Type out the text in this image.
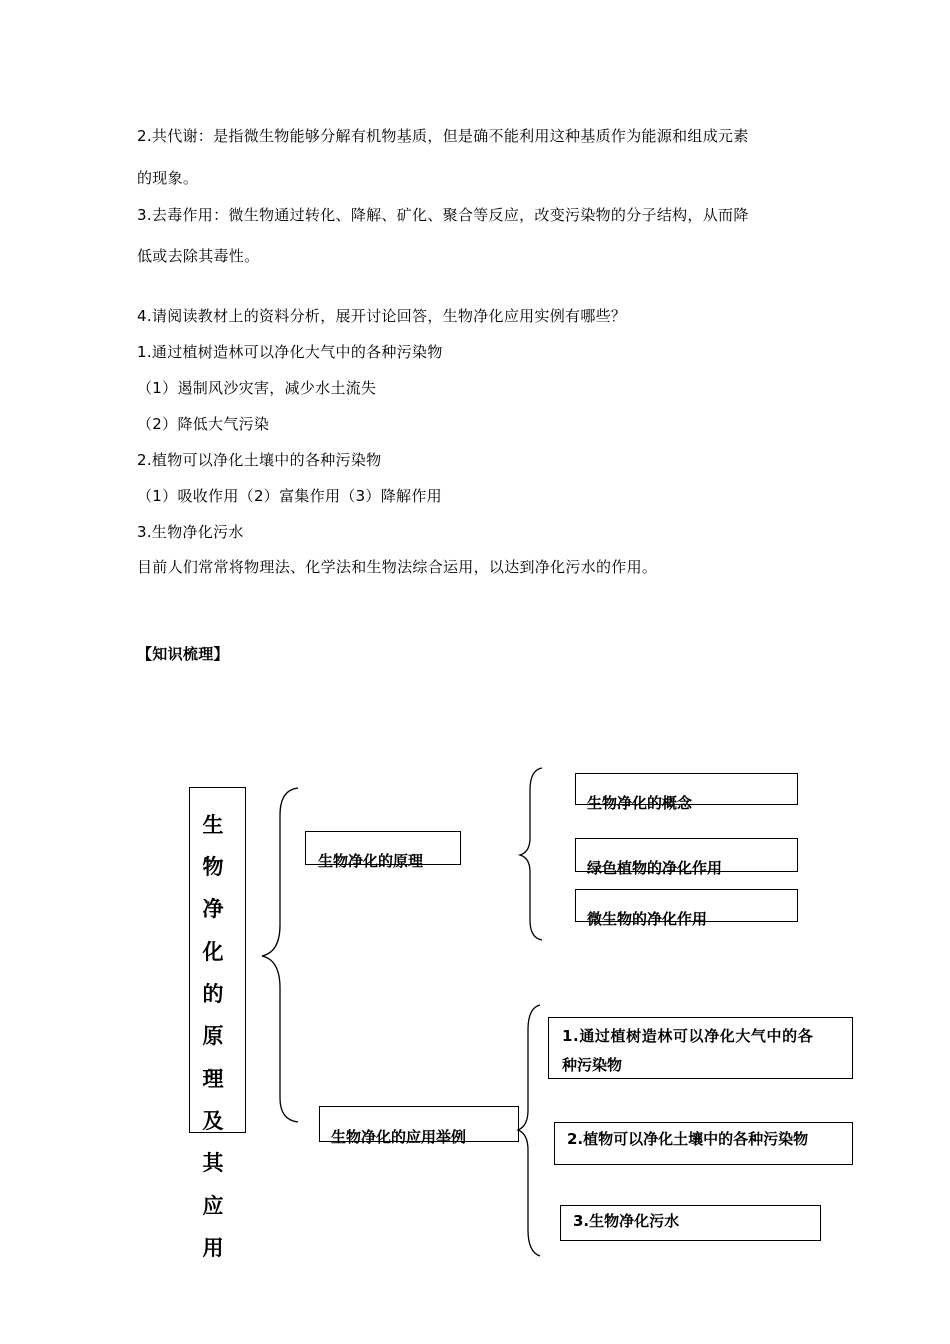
2.共代谢：是指微生物能够分解有机物基质，但是确不能利用这种基质作为能源和组成元素
的现象。
3.去毒作用：微生物通过转化、降解、矿化、聚合等反应，改变污染物的分子结构，从而降
低或去除其毒性。
4.请阅读教材上的资料分析，展开讨论回答，生物净化应用实例有哪些？
1.通过植树造林可以净化大气中的各种污染物
（1）遏制风沙灾害，减少水土流失
（2）降低大气污染
2.植物可以净化土壤中的各种污染物
（1）吸收作用（2）富集作用（3）降解作用
3.生物净化污水
目前人们常常将物理法、化学法和生物法综合运用，以达到净化污水的作用。
【知识梳理】
生
物
净
化
的
原
理
及
其
应
用
生物净化的原理
生物净化的概念
绿色植物的净化作用
微生物的净化作用
生物净化的应用举例
1.通过植树造林可以净化大气中的各
种污染物
2.植物可以净化土壤中的各种污染物
3.生物净化污水
